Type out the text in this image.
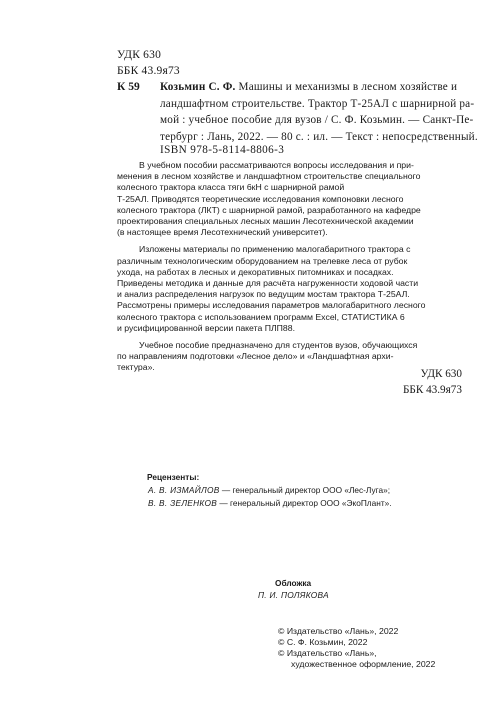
УДК 630
ББК 43.9я73
К 59 Козьмин С. Ф. Машины и механизмы в лесном хозяйстве и
ландшафтном строительстве. Трактор Т-25АЛ с шарнирной ра-
мой : учебное пособие для вузов / С. Ф. Козьмин. — Санкт-Пе-
тербург : Лань, 2022. — 80 с. : ил. — Текст : непосредственный.
ISBN 978-5-8114-8806-3
В учебном пособии рассматриваются вопросы исследования и при-
менения в лесном хозяйстве и ландшафтном строительстве специального
колесного трактора класса тяги 6кН с шарнирной рамой
Т-25АЛ. Приводятся теоретические исследования компоновки лесного
колесного трактора (ЛКТ) с шарнирной рамой, разработанного на кафедре
проектирования специальных лесных машин Лесотехнической академии
(в настоящее время Лесотехнический университет).
Изложены материалы по применению малогабаритного трактора с
различным технологическим оборудованием на трелевке леса от рубок
ухода, на работах в лесных и декоративных питомниках и посадках.
Приведены методика и данные для расчёта нагруженности ходовой части
и анализ распределения нагрузок по ведущим мостам трактора Т-25АЛ.
Рассмотрены примеры исследования параметров малогабаритного лесного
колесного трактора с использованием программ Excel, СТАТИСТИКА 6
и русифицированной версии пакета ПЛП88.
Учебное пособие предназначено для студентов вузов, обучающихся
по направлениям подготовки «Лесное дело» и «Ландшафтная архи-
тектура».
УДК 630
ББК 43.9я73
Рецензенты:
А. В. ИЗМАЙЛОВ — генеральный директор ООО «Лес-Луга»;
В. В. ЗЕЛЕНКОВ — генеральный директор ООО «ЭкоПлант».
Обложка
П. И. ПОЛЯКОВА
© Издательство «Лань», 2022
© С. Ф. Козьмин, 2022
© Издательство «Лань»,
художественное оформление, 2022
